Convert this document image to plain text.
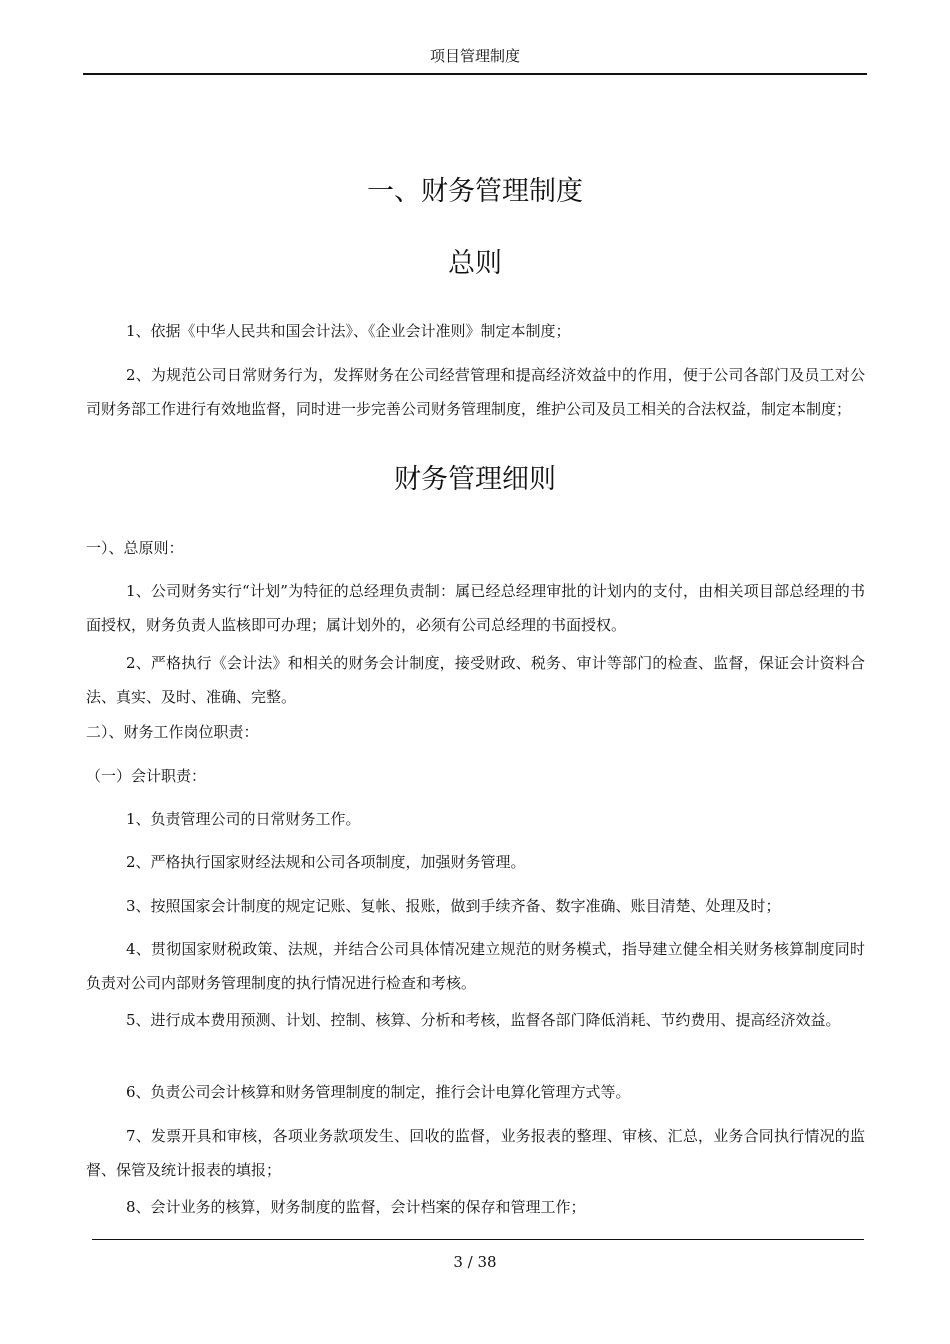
项目管理制度
一、财务管理制度
总则

1、依据《中华人民共和国会计法》、《企业会计准则》制定本制度；

2、为规范公司日常财务行为，发挥财务在公司经营管理和提高经济效益中的作用，便于公司各部门及员工对公司财务部工作进行有效地监督，同时进一步完善公司财务管理制度，维护公司及员工相关的合法权益，制定本制度；

财务管理细则

一）、总原则：

1、公司财务实行“计划”为特征的总经理负责制：属已经总经理审批的计划内的支付，由相关项目部总经理的书面授权，财务负责人监核即可办理；属计划外的，必须有公司总经理的书面授权。

2、严格执行《会计法》和相关的财务会计制度，接受财政、税务、审计等部门的检查、监督，保证会计资料合法、真实、及时、准确、完整。

二）、财务工作岗位职责：

（一）会计职责：

1、负责管理公司的日常财务工作。

2、严格执行国家财经法规和公司各项制度，加强财务管理。

3、按照国家会计制度的规定记账、复帐、报账，做到手续齐备、数字准确、账目清楚、处理及时；

4、贯彻国家财税政策、法规，并结合公司具体情况建立规范的财务模式，指导建立健全相关财务核算制度同时负责对公司内部财务管理制度的执行情况进行检查和考核。

5、进行成本费用预测、计划、控制、核算、分析和考核，监督各部门降低消耗、节约费用、提高经济效益。

6、负责公司会计核算和财务管理制度的制定，推行会计电算化管理方式等。

7、发票开具和审核，各项业务款项发生、回收的监督，业务报表的整理、审核、汇总，业务合同执行情况的监督、保管及统计报表的填报；

8、会计业务的核算，财务制度的监督，会计档案的保存和管理工作；

3 / 38
